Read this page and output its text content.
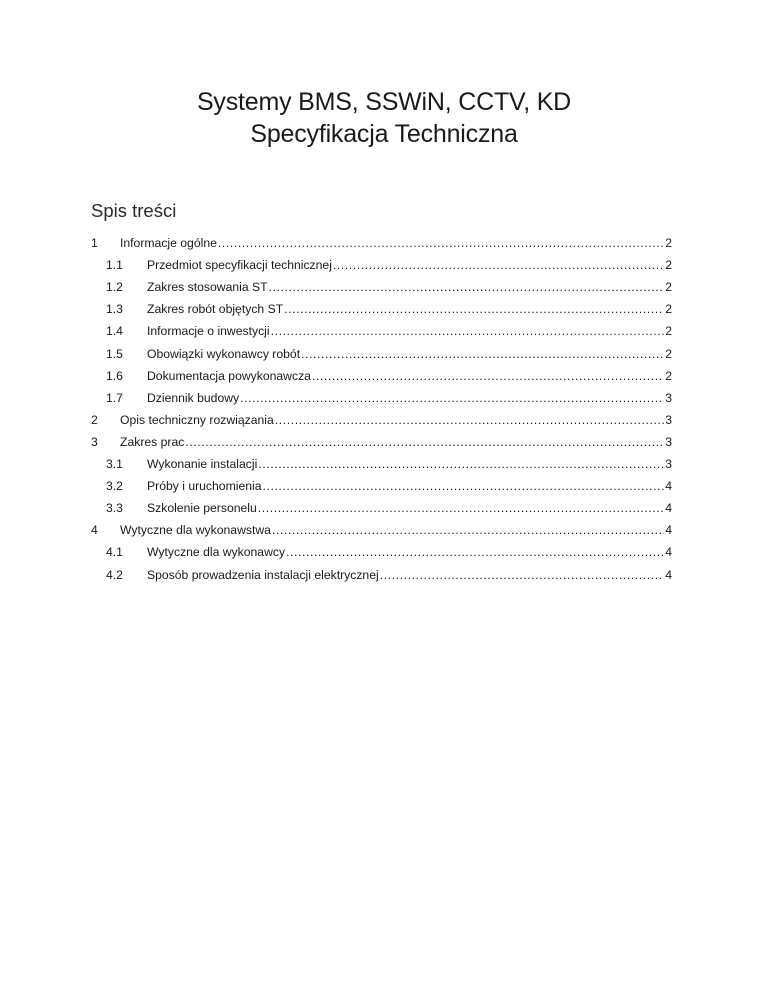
Systemy BMS, SSWiN, CCTV, KD
Specyfikacja Techniczna
Spis treści
1 Informacje ogólne .....	2
1.1 Przedmiot specyfikacji technicznej .....	2
1.2 Zakres stosowania ST .....	2
1.3 Zakres robót objętych ST .....	2
1.4 Informacje o inwestycji .....	2
1.5 Obowiązki wykonawcy robót .....	2
1.6 Dokumentacja powykonawcza .....	2
1.7 Dziennik budowy .....	3
2 Opis techniczny rozwiązania .....	3
3 Zakres prac .....	3
3.1 Wykonanie instalacji .....	3
3.2 Próby i uruchomienia .....	4
3.3 Szkolenie personelu .....	4
4 Wytyczne dla wykonawstwa .....	4
4.1 Wytyczne dla wykonawcy .....	4
4.2 Sposób prowadzenia instalacji elektrycznej .....	4
